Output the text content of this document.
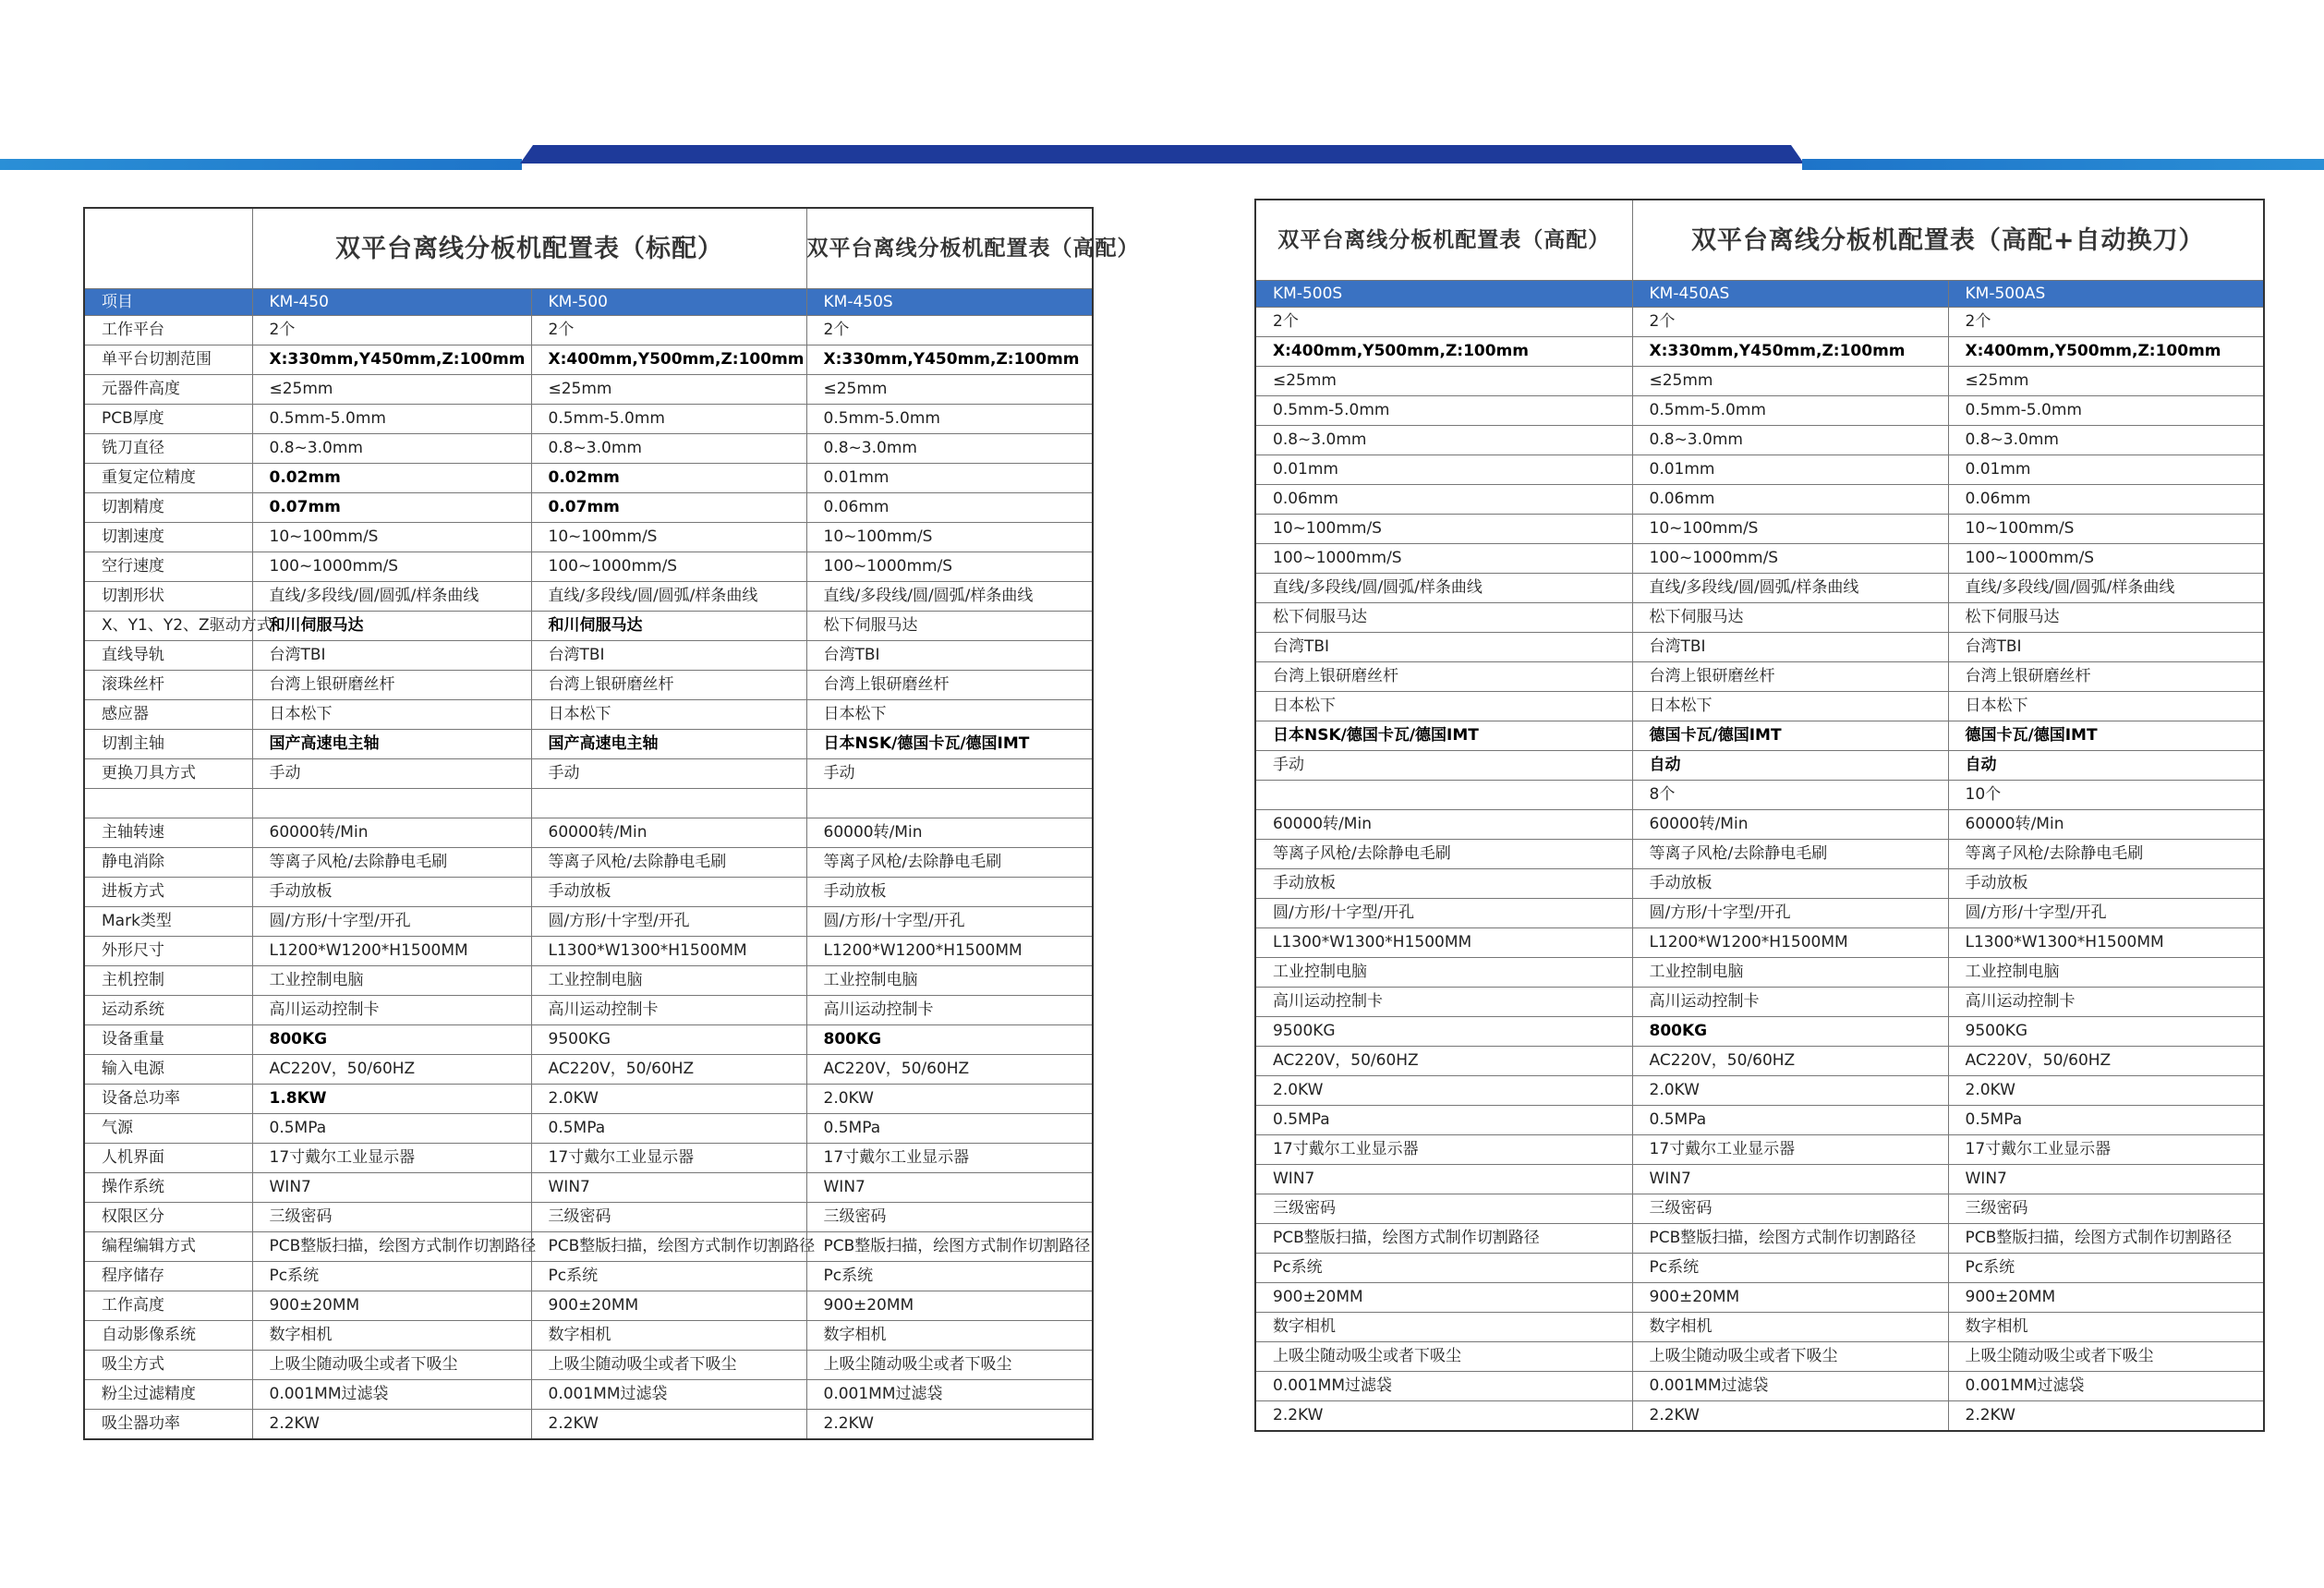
	双平台离线分板机配置表（标配）		双平台离线分板机配置表（高配）
项目	KM-450	KM-500	KM-450S
工作平台	2个	2个	2个
单平台切割范围	X:330mm,Y450mm,Z:100mm	X:400mm,Y500mm,Z:100mm	X:330mm,Y450mm,Z:100mm
元器件高度	≤25mm	≤25mm	≤25mm
PCB厚度	0.5mm-5.0mm	0.5mm-5.0mm	0.5mm-5.0mm
铣刀直径	0.8~3.0mm	0.8~3.0mm	0.8~3.0mm
重复定位精度	0.02mm	0.02mm	0.01mm
切割精度	0.07mm	0.07mm	0.06mm
切割速度	10~100mm/S	10~100mm/S	10~100mm/S
空行速度	100~1000mm/S	100~1000mm/S	100~1000mm/S
切割形状	直线/多段线/圆/圆弧/样条曲线	直线/多段线/圆/圆弧/样条曲线	直线/多段线/圆/圆弧/样条曲线
X、Y1、Y2、Z驱动方式	和川伺服马达	和川伺服马达	松下伺服马达
直线导轨	台湾TBI	台湾TBI	台湾TBI
滚珠丝杆	台湾上银研磨丝杆	台湾上银研磨丝杆	台湾上银研磨丝杆
感应器	日本松下	日本松下	日本松下
切割主轴	国产高速电主轴	国产高速电主轴	日本NSK/德国卡瓦/德国IMT
更换刀具方式	手动	手动	手动

主轴转速	60000转/Min	60000转/Min	60000转/Min
静电消除	等离子风枪/去除静电毛刷	等离子风枪/去除静电毛刷	等离子风枪/去除静电毛刷
进板方式	手动放板	手动放板	手动放板
Mark类型	圆/方形/十字型/开孔	圆/方形/十字型/开孔	圆/方形/十字型/开孔
外形尺寸	L1200*W1200*H1500MM	L1300*W1300*H1500MM	L1200*W1200*H1500MM
主机控制	工业控制电脑	工业控制电脑	工业控制电脑
运动系统	高川运动控制卡	高川运动控制卡	高川运动控制卡
设备重量	800KG	9500KG	800KG
输入电源	AC220V，50/60HZ	AC220V，50/60HZ	AC220V，50/60HZ
设备总功率	1.8KW	2.0KW	2.0KW
气源	0.5MPa	0.5MPa	0.5MPa
人机界面	17寸戴尔工业显示器	17寸戴尔工业显示器	17寸戴尔工业显示器
操作系统	WIN7	WIN7	WIN7
权限区分	三级密码	三级密码	三级密码
编程编辑方式	PCB整版扫描，绘图方式制作切割路径	PCB整版扫描，绘图方式制作切割路径	PCB整版扫描，绘图方式制作切割路径
程序储存	Pc系统	Pc系统	Pc系统
工作高度	900±20MM	900±20MM	900±20MM
自动影像系统	数字相机	数字相机	数字相机
吸尘方式	上吸尘随动吸尘或者下吸尘	上吸尘随动吸尘或者下吸尘	上吸尘随动吸尘或者下吸尘
粉尘过滤精度	0.001MM过滤袋	0.001MM过滤袋	0.001MM过滤袋
吸尘器功率	2.2KW	2.2KW	2.2KW
双平台离线分板机配置表（高配）	双平台离线分板机配置表（高配+自动换刀）	
KM-500S	KM-450AS	KM-500AS
2个	2个	2个
X:400mm,Y500mm,Z:100mm	X:330mm,Y450mm,Z:100mm	X:400mm,Y500mm,Z:100mm
≤25mm	≤25mm	≤25mm
0.5mm-5.0mm	0.5mm-5.0mm	0.5mm-5.0mm
0.8~3.0mm	0.8~3.0mm	0.8~3.0mm
0.01mm	0.01mm	0.01mm
0.06mm	0.06mm	0.06mm
10~100mm/S	10~100mm/S	10~100mm/S
100~1000mm/S	100~1000mm/S	100~1000mm/S
直线/多段线/圆/圆弧/样条曲线	直线/多段线/圆/圆弧/样条曲线	直线/多段线/圆/圆弧/样条曲线
松下伺服马达	松下伺服马达	松下伺服马达
台湾TBI	台湾TBI	台湾TBI
台湾上银研磨丝杆	台湾上银研磨丝杆	台湾上银研磨丝杆
日本松下	日本松下	日本松下
日本NSK/德国卡瓦/德国IMT	德国卡瓦/德国IMT	德国卡瓦/德国IMT
手动	自动	自动
	8个	10个
60000转/Min	60000转/Min	60000转/Min
等离子风枪/去除静电毛刷	等离子风枪/去除静电毛刷	等离子风枪/去除静电毛刷
手动放板	手动放板	手动放板
圆/方形/十字型/开孔	圆/方形/十字型/开孔	圆/方形/十字型/开孔
L1300*W1300*H1500MM	L1200*W1200*H1500MM	L1300*W1300*H1500MM
工业控制电脑	工业控制电脑	工业控制电脑
高川运动控制卡	高川运动控制卡	高川运动控制卡
9500KG	800KG	9500KG
AC220V，50/60HZ	AC220V，50/60HZ	AC220V，50/60HZ
2.0KW	2.0KW	2.0KW
0.5MPa	0.5MPa	0.5MPa
17寸戴尔工业显示器	17寸戴尔工业显示器	17寸戴尔工业显示器
WIN7	WIN7	WIN7
三级密码	三级密码	三级密码
PCB整版扫描，绘图方式制作切割路径	PCB整版扫描，绘图方式制作切割路径	PCB整版扫描，绘图方式制作切割路径
Pc系统	Pc系统	Pc系统
900±20MM	900±20MM	900±20MM
数字相机	数字相机	数字相机
上吸尘随动吸尘或者下吸尘	上吸尘随动吸尘或者下吸尘	上吸尘随动吸尘或者下吸尘
0.001MM过滤袋	0.001MM过滤袋	0.001MM过滤袋
2.2KW	2.2KW	2.2KW
